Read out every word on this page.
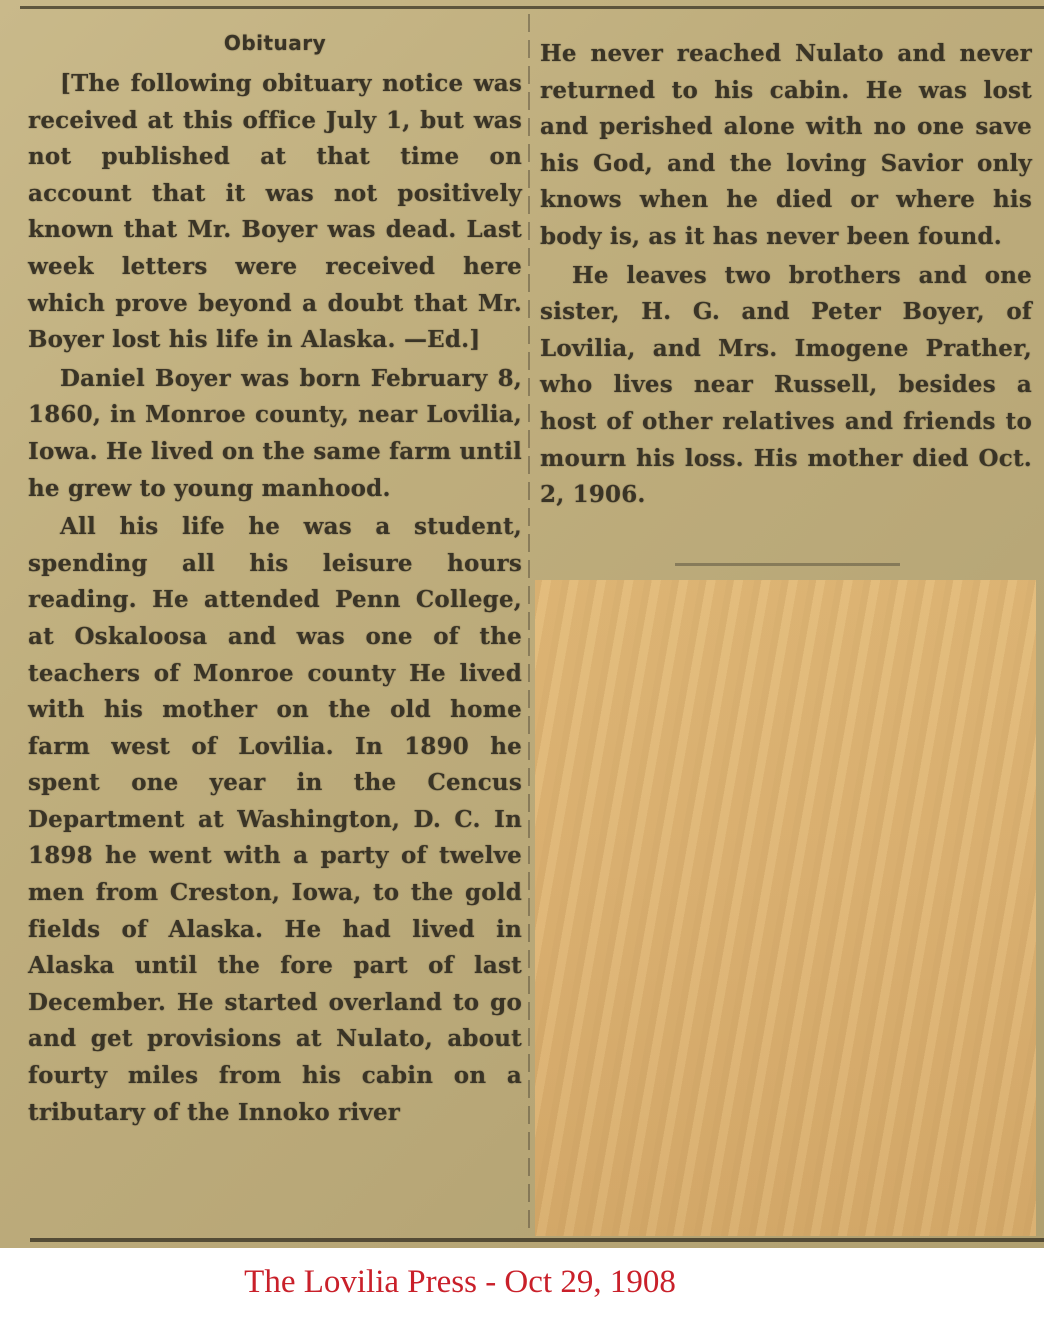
Obituary

[The following obituary notice was received at this office July 1, but was not published at that time on account that it was not positively known that Mr. Boyer was dead. Last week letters were received here which prove beyond a doubt that Mr. Boyer lost his life in Alaska. —Ed.]

Daniel Boyer was born February 8, 1860, in Monroe county, near Lovilia, Iowa. He lived on the same farm until he grew to young manhood.

All his life he was a student, spending all his leisure hours reading. He attended Penn College, at Oskaloosa and was one of the teachers of Monroe county He lived with his mother on the old home farm west of Lovilia. In 1890 he spent one year in the Cencus Department at Washington, D. C. In 1898 he went with a party of twelve men from Creston, Iowa, to the gold fields of Alaska. He had lived in Alaska until the fore part of last December. He started overland to go and get provisions at Nulato, about fourty miles from his cabin on a tributary of the Innoko river

He never reached Nulato and never returned to his cabin. He was lost and perished alone with no one save his God, and the loving Savior only knows when he died or where his body is, as it has never been found.

He leaves two brothers and one sister, H. G. and Peter Boyer, of Lovilia, and Mrs. Imogene Prather, who lives near Russell, besides a host of other relatives and friends to mourn his loss. His mother died Oct. 2, 1906.

The Lovilia Press - Oct 29, 1908
